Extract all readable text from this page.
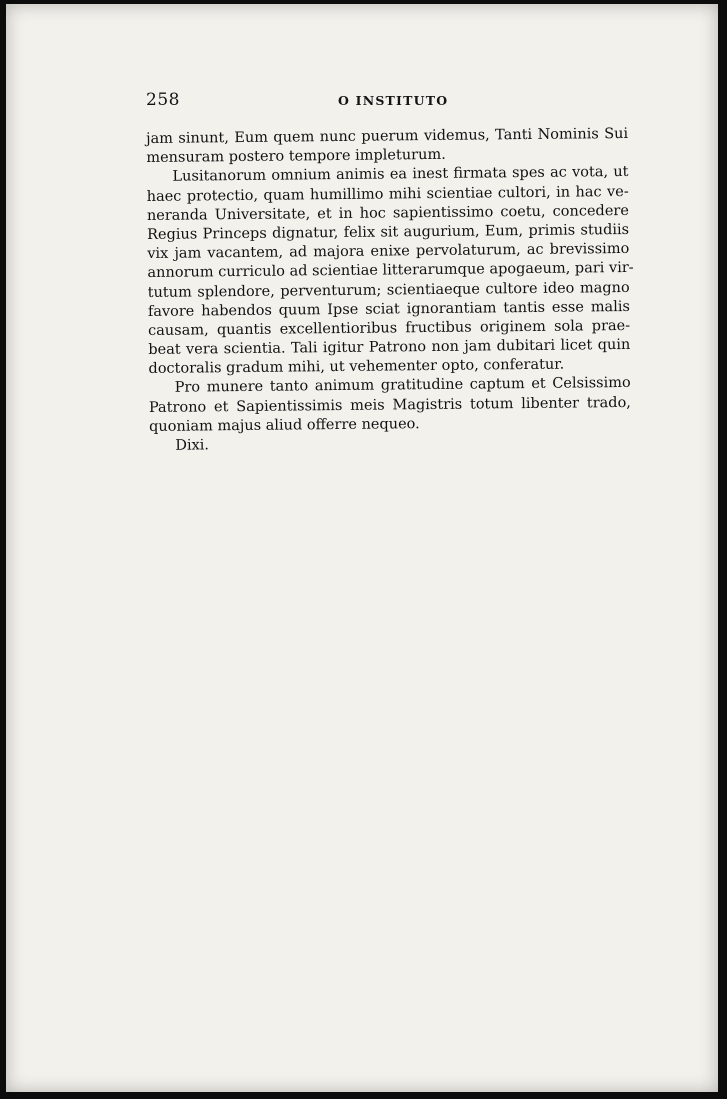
258	O INSTITUTO
jam sinunt, Eum quem nunc puerum videmus, Tanti Nominis Sui
mensuram postero tempore impleturum.
Lusitanorum omnium animis ea inest firmata spes ac vota, ut
haec protectio, quam humillimo mihi scientiae cultori, in hac ve-
neranda Universitate, et in hoc sapientissimo coetu, concedere
Regius Princeps dignatur, felix sit augurium, Eum, primis studiis
vix jam vacantem, ad majora enixe pervolaturum, ac brevissimo
annorum curriculo ad scientiae litterarumque apogaeum, pari vir-
tutum splendore, perventurum; scientiaeque cultore ideo magno
favore habendos quum Ipse sciat ignorantiam tantis esse malis
causam, quantis excellentioribus fructibus originem sola prae-
beat vera scientia. Tali igitur Patrono non jam dubitari licet quin
doctoralis gradum mihi, ut vehementer opto, conferatur.
Pro munere tanto animum gratitudine captum et Celsissimo
Patrono et Sapientissimis meis Magistris totum libenter trado,
quoniam majus aliud offerre nequeo.
Dixi.
